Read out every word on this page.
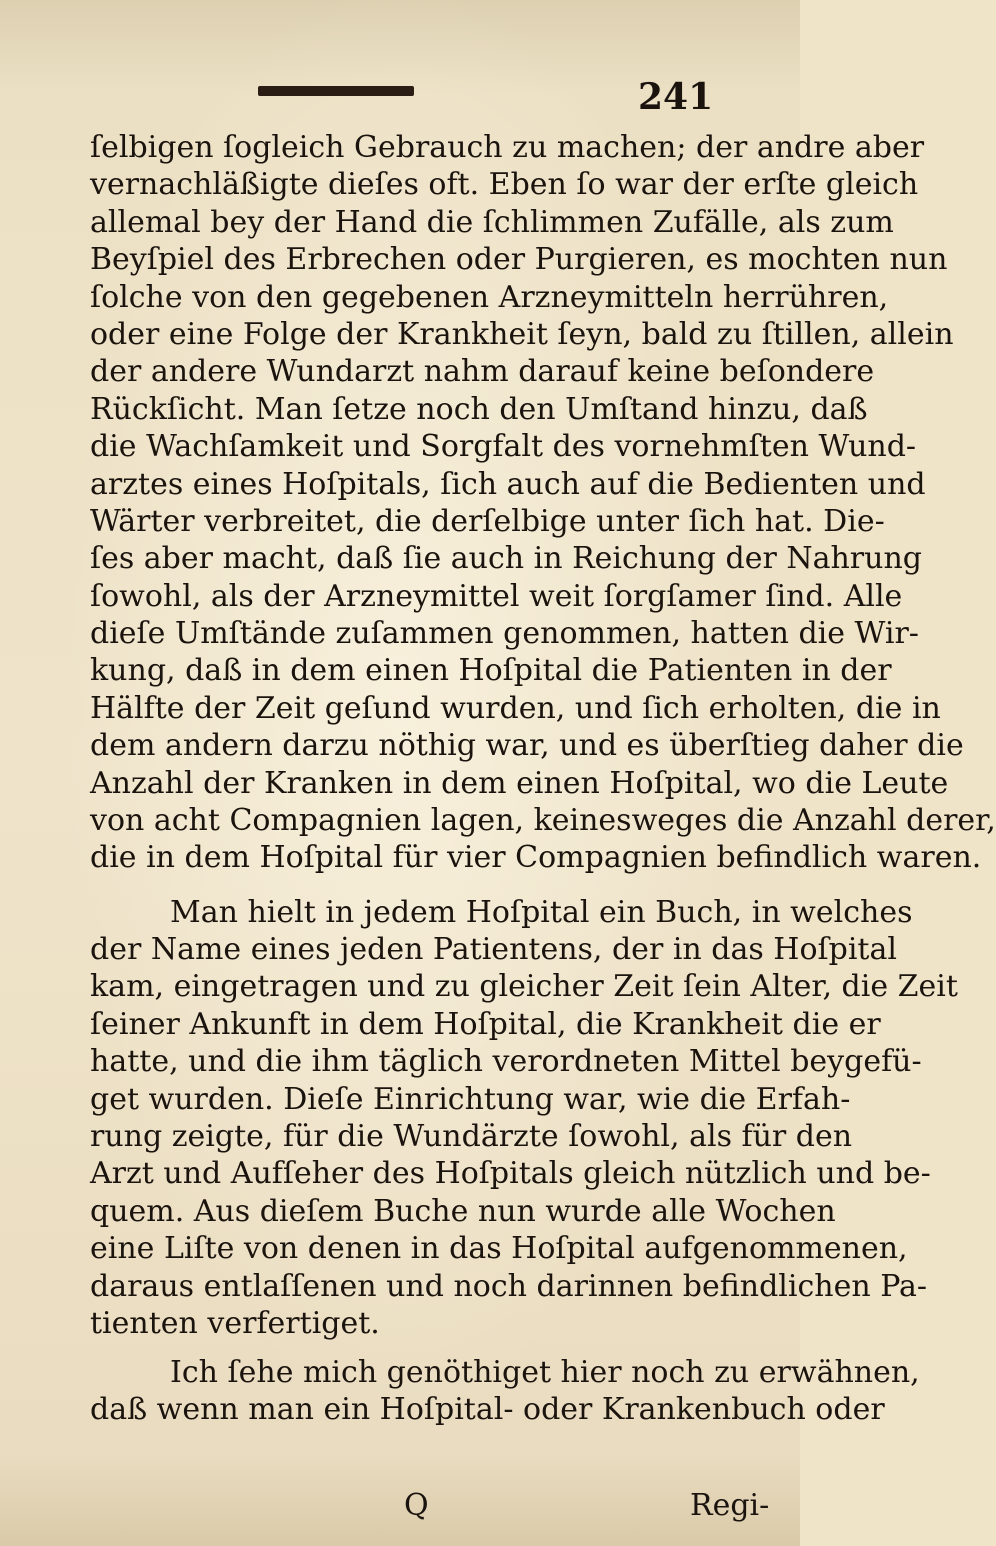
241
ſelbigen ſogleich Gebrauch zu machen; der andre aber
vernachläßigte dieſes oft. Eben ſo war der erſte gleich
allemal bey der Hand die ſchlimmen Zufälle, als zum
Beyſpiel des Erbrechen oder Purgieren, es mochten nun
ſolche von den gegebenen Arzneymitteln herrühren,
oder eine Folge der Krankheit ſeyn, bald zu ſtillen, allein
der andere Wundarzt nahm darauf keine beſondere
Rückſicht. Man ſetze noch den Umſtand hinzu, daß
die Wachſamkeit und Sorgfalt des vornehmſten Wund-
arztes eines Hoſpitals, ſich auch auf die Bedienten und
Wärter verbreitet, die derſelbige unter ſich hat. Die-
ſes aber macht, daß ſie auch in Reichung der Nahrung
ſowohl, als der Arzneymittel weit ſorgſamer ſind. Alle
dieſe Umſtände zuſammen genommen, hatten die Wir-
kung, daß in dem einen Hoſpital die Patienten in der
Hälfte der Zeit geſund wurden, und ſich erholten, die in
dem andern darzu nöthig war, und es überſtieg daher die
Anzahl der Kranken in dem einen Hoſpital, wo die Leute
von acht Compagnien lagen, keinesweges die Anzahl derer,
die in dem Hoſpital für vier Compagnien befindlich waren.
Man hielt in jedem Hoſpital ein Buch, in welches
der Name eines jeden Patientens, der in das Hoſpital
kam, eingetragen und zu gleicher Zeit ſein Alter, die Zeit
ſeiner Ankunft in dem Hoſpital, die Krankheit die er
hatte, und die ihm täglich verordneten Mittel beygefü-
get wurden. Dieſe Einrichtung war, wie die Erfah-
rung zeigte, für die Wundärzte ſowohl, als für den
Arzt und Aufſeher des Hoſpitals gleich nützlich und be-
quem. Aus dieſem Buche nun wurde alle Wochen
eine Liſte von denen in das Hoſpital aufgenommenen,
daraus entlaſſenen und noch darinnen befindlichen Pa-
tienten verfertiget.
Ich ſehe mich genöthiget hier noch zu erwähnen,
daß wenn man ein Hoſpital- oder Krankenbuch oder
Q	Regi-
